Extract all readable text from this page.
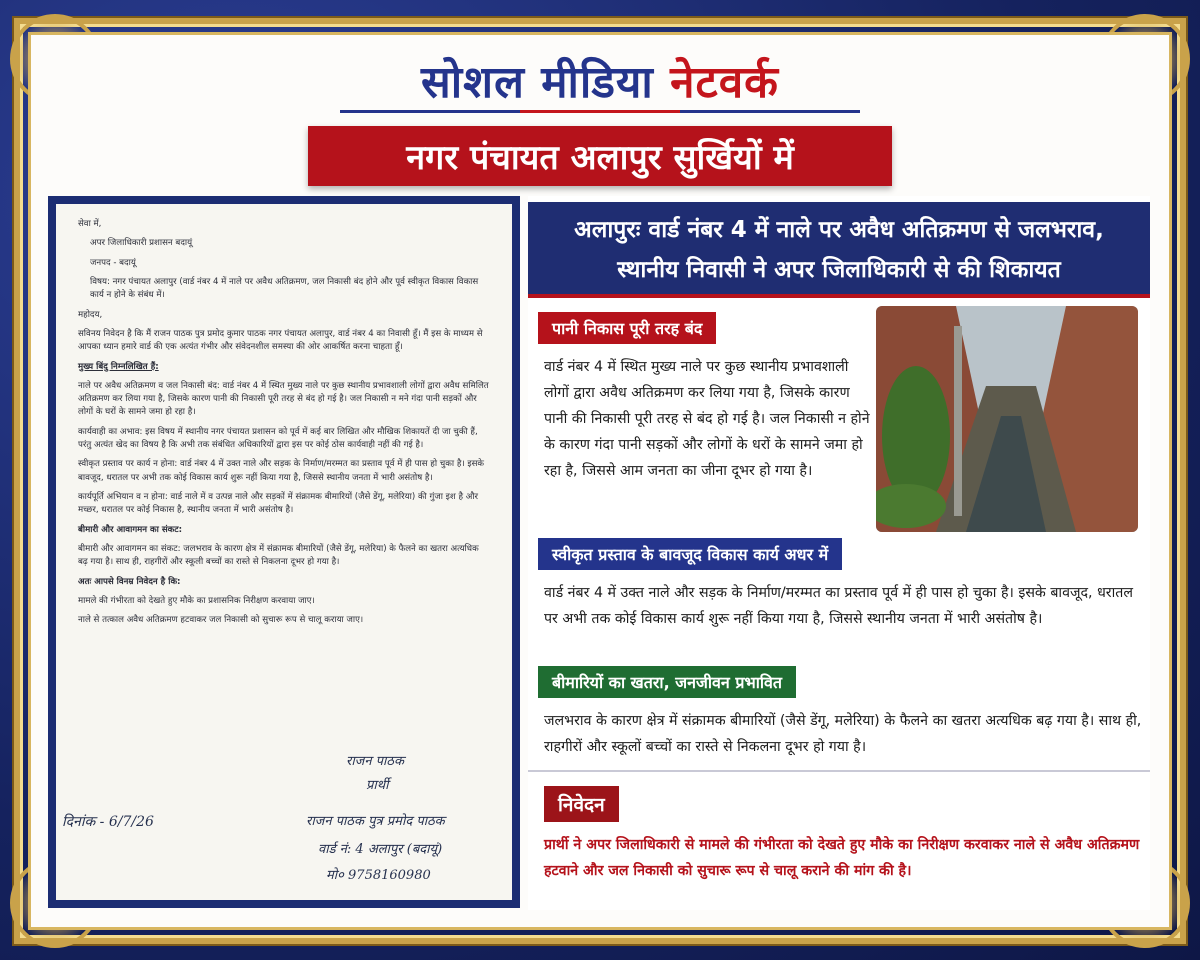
सोशल मीडिया नेटवर्क
नगर पंचायत अलापुर सुर्खियों में

सेवा में,

अपर जिलाधिकारी प्रशासन बदायूं

जनपद - बदायूं

विषय: नगर पंचायत अलापुर (वार्ड नंबर 4 में नाले पर अवैध अतिक्रमण, जल निकासी बंद होने और पूर्व स्वीकृत विकास विकास कार्य न होने के संबंध में।

महोदय,

सविनय निवेदन है कि मैं राजन पाठक पुत्र प्रमोद कुमार पाठक नगर पंचायत अलापुर, वार्ड नंबर 4 का निवासी हूँ। मैं इस के माध्यम से आपका ध्यान हमारे वार्ड की एक अत्यंत गंभीर और संवेदनशील समस्या की ओर आकर्षित करना चाहता हूँ।

मुख्य बिंदु निम्नलिखित हैं:

नाले पर अवैध अतिक्रमण व जल निकासी बंद: वार्ड नंबर 4 में स्थित मुख्य नाले पर कुछ स्थानीय प्रभावशाली लोगों द्वारा अवैध समिलित अतिक्रमण कर लिया गया है, जिसके कारण पानी की निकासी पूरी तरह से बंद हो गई है। जल निकासी न मने गंदा पानी सड़कों और लोगों के घरों के सामने जमा हो रहा है।

कार्यवाही का अभाव: इस विषय में स्थानीय नगर पंचायत प्रशासन को पूर्व में कई बार लिखित और मौखिक शिकायतें दी जा चुकी हैं, परंतु अत्यंत खेद का विषय है कि अभी तक संबंधित अधिकारियों द्वारा इस पर कोई ठोस कार्यवाही नहीं की गई है।

स्वीकृत प्रस्ताव पर कार्य न होना: वार्ड नंबर 4 में उक्त नाले और सड़क के निर्माण/मरम्मत का प्रस्ताव पूर्व में ही पास हो चुका है। इसके बावजूद, धरातल पर अभी तक कोई विकास कार्य शुरू नहीं किया गया है, जिससे स्थानीय जनता में भारी असंतोष है।

कार्यपूर्ति अभियान व न होना: वार्ड नाले में व उत्पन्न नाले और सड़कों में संक्रामक बीमारियों (जैसे डेंगू, मलेरिया) की गुंजा इश है और मच्छर, धरातल पर कोई निकास है, स्थानीय जनता में भारी असंतोष है।

बीमारी और आवागमन का संकट:

बीमारी और आवागमन का संकट: जलभराव के कारण क्षेत्र में संक्रामक बीमारियों (जैसे डेंगू, मलेरिया) के फैलने का खतरा अत्यधिक बढ़ गया है। साथ ही, राहगीरों और स्कूली बच्चों का रास्ते से निकलना दूभर हो गया है।

अतः आपसे विनम्र निवेदन है कि:

मामले की गंभीरता को देखते हुए मौके का प्रशासनिक निरीक्षण करवाया जाए।

नाले से तत्काल अवैध अतिक्रमण हटवाकर जल निकासी को सुचारू रूप से चालू कराया जाए।

राजन पाठक
प्रार्थी
दिनांक - 6/7/26	राजन पाठक पुत्र प्रमोद पाठक
वार्ड नं: 4 अलापुर (बदायूं)
मो० 9758160980
अलापुरः वार्ड नंबर 4 में नाले पर अवैध अतिक्रमण से जलभराव,
स्थानीय निवासी ने अपर जिलाधिकारी से की शिकायत
पानी निकास पूरी तरह बंद
वार्ड नंबर 4 में स्थित मुख्य नाले पर कुछ स्थानीय प्रभावशाली लोगों द्वारा अवैध अतिक्रमण कर लिया गया है, जिसके कारण पानी की निकासी पूरी तरह से बंद हो गई है। जल निकासी न होने के कारण गंदा पानी सड़कों और लोगों के धरों के सामने जमा हो रहा है, जिससे आम जनता का जीना दूभर हो गया है।
स्वीकृत प्रस्ताव के बावजूद विकास कार्य अधर में
वार्ड नंबर 4 में उक्त नाले और सड़क के निर्माण/मरम्मत का प्रस्ताव पूर्व में ही पास हो चुका है। इसके बावजूद, धरातल पर अभी तक कोई विकास कार्य शुरू नहीं किया गया है, जिससे स्थानीय जनता में भारी असंतोष है।
बीमारियों का खतरा, जनजीवन प्रभावित
जलभराव के कारण क्षेत्र में संक्रामक बीमारियों (जैसे डेंगू, मलेरिया) के फैलने का खतरा अत्यधिक बढ़ गया है। साथ ही, राहगीरों और स्कूलों बच्चों का रास्ते से निकलना दूभर हो गया है।
निवेदन
प्रार्थी ने अपर जिलाधिकारी से मामले की गंभीरता को देखते हुए मौके का निरीक्षण करवाकर नाले से अवैध अतिक्रमण हटवाने और जल निकासी को सुचारू रूप से चालू कराने की मांग की है।
